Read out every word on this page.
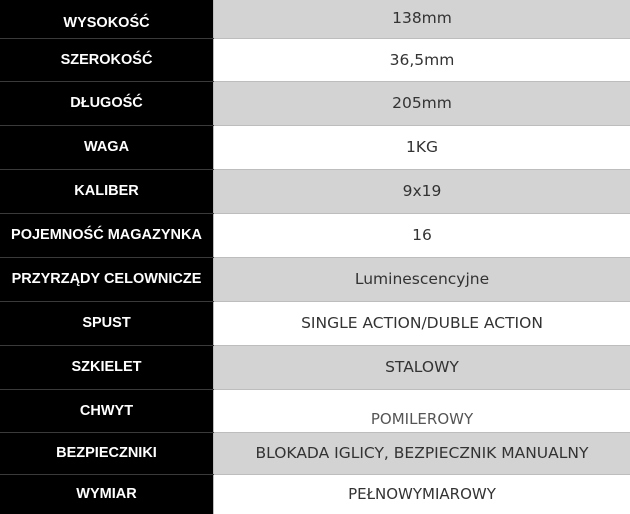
WYSOKOŚĆ	138mm
SZEROKOŚĆ	36,5mm
DŁUGOŚĆ	205mm
WAGA	1KG
KALIBER	9x19
POJEMNOŚĆ MAGAZYNKA	16
PRZYRZĄDY CELOWNICZE	Luminescencyjne
SPUST	SINGLE ACTION/DUBLE ACTION
SZKIELET	STALOWY
CHWYT	POMILEROWY
BEZPIECZNIKI	BLOKADA IGLICY, BEZPIECZNIK MANUALNY
WYMIAR	PEŁNOWYMIAROWY
